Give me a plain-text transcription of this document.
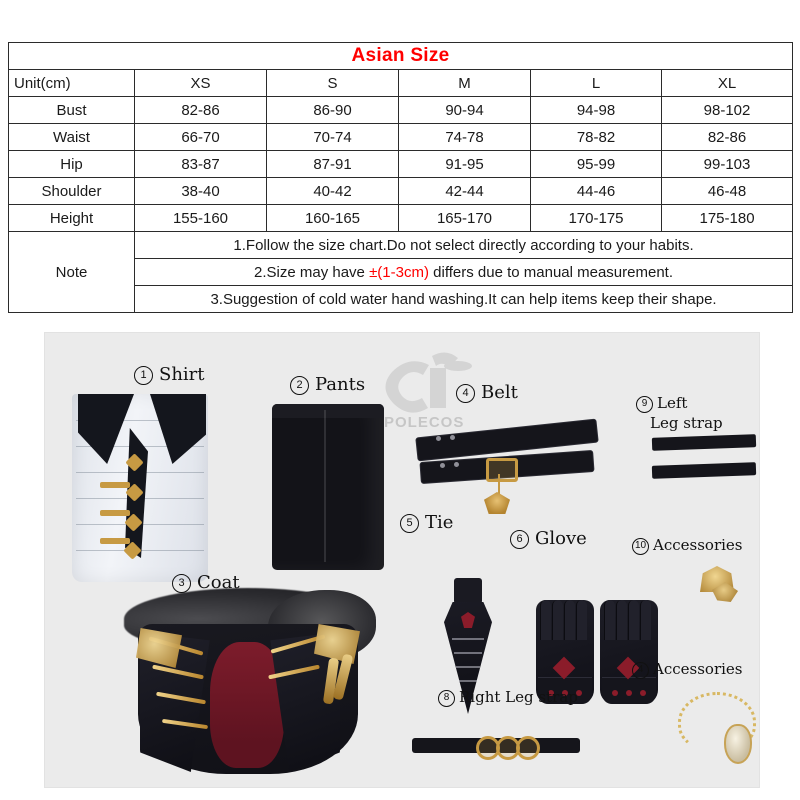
Asian Size					
Unit(cm)	XS	S	M	L	XL
Bust	82-86	86-90	90-94	94-98	98-102
Waist	66-70	70-74	74-78	78-82	82-86
Hip	83-87	87-91	91-95	95-99	99-103
Shoulder	38-40	40-42	42-44	44-46	46-48
Height	155-160	160-165	165-170	170-175	175-180
Note	1.Follow the size chart.Do not select directly according to your habits.				
	2.Size may have ±(1-3cm) differs due to manual measurement.				
	3.Suggestion of cold water hand washing.It can help items keep their shape.				
POLECOS
1 Shirt	2 Pants	4 Belt
9 Left
Leg strap
3 Coat
5 Tie
6 Glove	10 Accessories
4 Accessories
8 Right Leg strap
